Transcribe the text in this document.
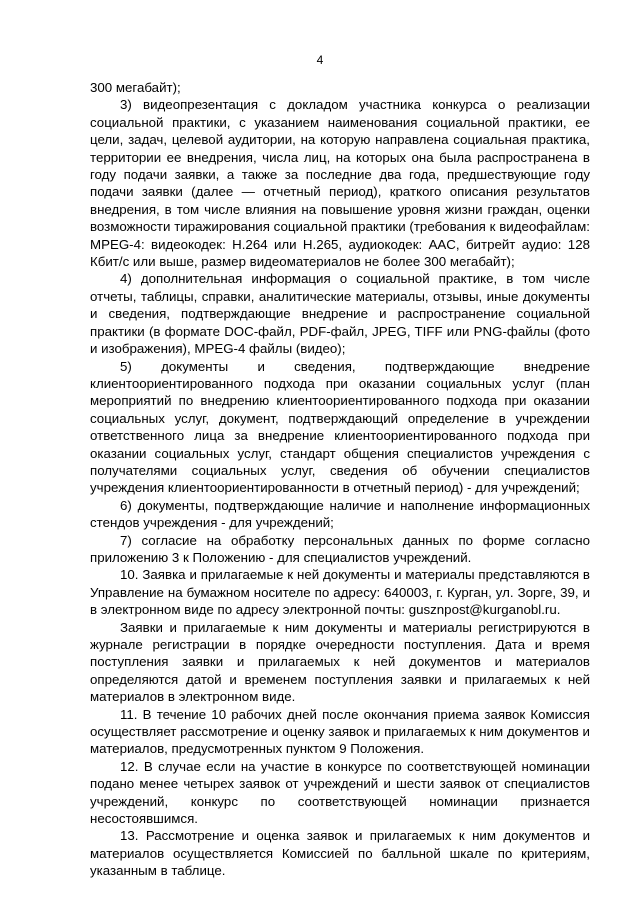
4

300 мегабайт);

3) видеопрезентация с докладом участника конкурса о реализации социальной практики, с указанием наименования социальной практики, ее цели, задач, целевой аудитории, на которую направлена социальная практика, территории ее внедрения, числа лиц, на которых она была распространена в году подачи заявки, а также за последние два года, предшествующие году подачи заявки (далее — отчетный период), краткого описания результатов внедрения, в том числе влияния на повышение уровня жизни граждан, оценки возможности тиражирования социальной практики (требования к видеофайлам: MPEG-4: видеокодек: H.264 или H.265, аудиокодек: AAC, битрейт аудио: 128 Кбит/с или выше, размер видеоматериалов не более 300 мегабайт);

4) дополнительная информация о социальной практике, в том числе отчеты, таблицы, справки, аналитические материалы, отзывы, иные документы и сведения, подтверждающие внедрение и распространение социальной практики (в формате DOC-файл, PDF-файл, JPEG, TIFF или PNG-файлы (фото и изображения), MPEG-4 файлы (видео);

5) документы и сведения, подтверждающие внедрение клиентоориентированного подхода при оказании социальных услуг (план мероприятий по внедрению клиентоориентированного подхода при оказании социальных услуг, документ, подтверждающий определение в учреждении ответственного лица за внедрение клиентоориентированного подхода при оказании социальных услуг, стандарт общения специалистов учреждения с получателями социальных услуг, сведения об обучении специалистов учреждения клиентоориентированности в отчетный период) - для учреждений;

6) документы, подтверждающие наличие и наполнение информационных стендов учреждения - для учреждений;

7) согласие на обработку персональных данных по форме согласно приложению 3 к Положению - для специалистов учреждений.

10. Заявка и прилагаемые к ней документы и материалы представляются в Управление на бумажном носителе по адресу: 640003, г. Курган, ул. Зорге, 39, и в электронном виде по адресу электронной почты: gusznpost@kurganobl.ru.

Заявки и прилагаемые к ним документы и материалы регистрируются в журнале регистрации в порядке очередности поступления. Дата и время поступления заявки и прилагаемых к ней документов и материалов определяются датой и временем поступления заявки и прилагаемых к ней материалов в электронном виде.

11. В течение 10 рабочих дней после окончания приема заявок Комиссия осуществляет рассмотрение и оценку заявок и прилагаемых к ним документов и материалов, предусмотренных пунктом 9 Положения.

12. В случае если на участие в конкурсе по соответствующей номинации подано менее четырех заявок от учреждений и шести заявок от специалистов учреждений, конкурс по соответствующей номинации признается несостоявшимся.

13. Рассмотрение и оценка заявок и прилагаемых к ним документов и материалов осуществляется Комиссией по балльной шкале по критериям, указанным в таблице.
